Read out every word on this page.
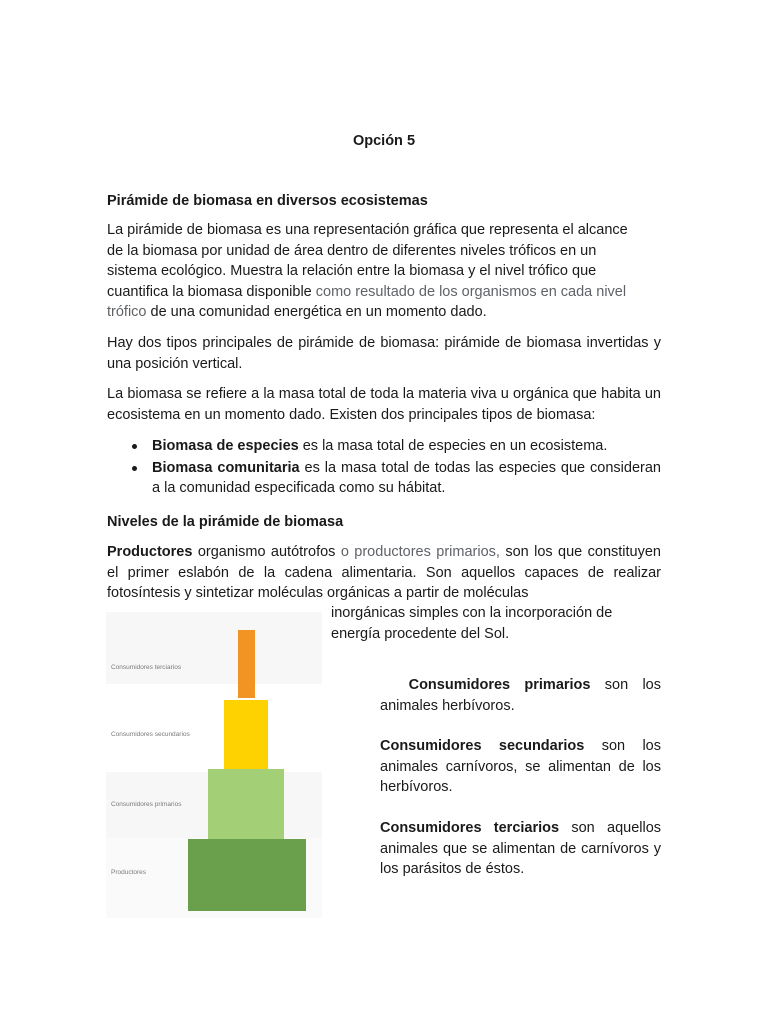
Opción 5

Pirámide de biomasa en diversos ecosistemas

La pirámide de biomasa es una representación gráfica que representa el alcance
de la biomasa por unidad de área dentro de diferentes niveles tróficos en un
sistema ecológico. Muestra la relación entre la biomasa y el nivel trófico que
cuantifica la biomasa disponible como resultado de los organismos en cada nivel
trófico de una comunidad energética en un momento dado.

Hay dos tipos principales de pirámide de biomasa: pirámide de biomasa invertidas y una posición vertical.

La biomasa se refiere a la masa total de toda la materia viva u orgánica que habita un ecosistema en un momento dado. Existen dos principales tipos de biomasa:

Biomasa de especies es la masa total de especies en un ecosistema.
Biomasa comunitaria es la masa total de todas las especies que consideran a la comunidad especificada como su hábitat.

Niveles de la pirámide de biomasa

Productores organismo autótrofos o productores primarios, son los que constituyen el primer eslabón de la cadena alimentaria. Son aquellos capaces de realizar fotosíntesis y sintetizar moléculas orgánicas a partir de moléculas

inorgánicas simples con la incorporación de
energía procedente del Sol.

Consumidores terciarios
Consumidores secundarios
Consumidores primarios
Productores

Consumidores primarios son los animales herbívoros.

Consumidores secundarios son los animales carnívoros, se alimentan de los herbívoros.

Consumidores terciarios son aquellos animales que se alimentan de carnívoros y los parásitos de éstos.
